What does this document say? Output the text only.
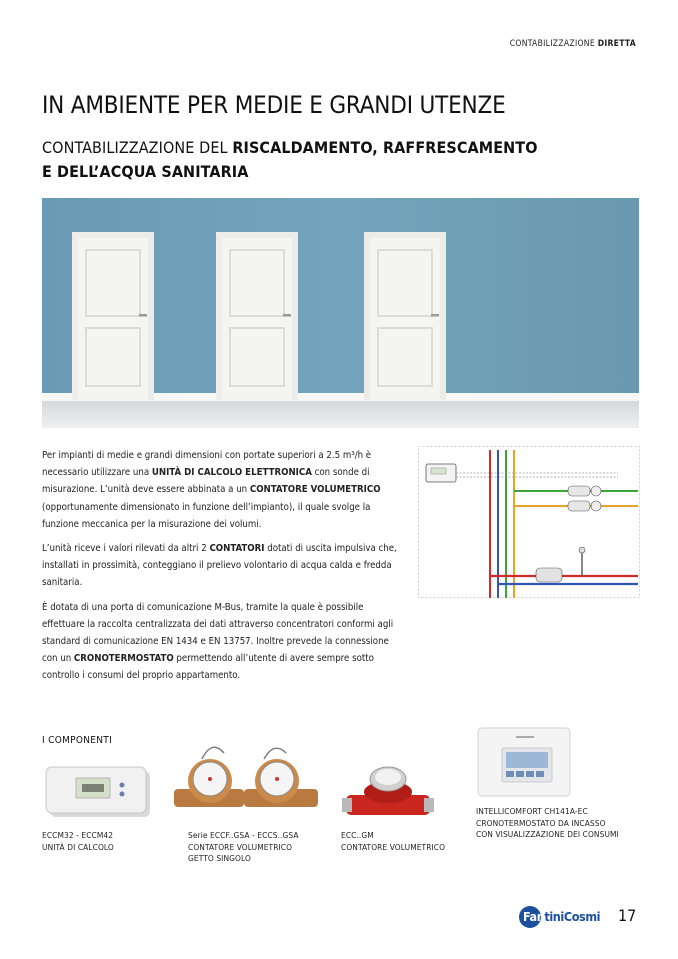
CONTABILIZZAZIONE DIRETTA
IN AMBIENTE PER MEDIE E GRANDI UTENZE
CONTABILIZZAZIONE DEL RISCALDAMENTO, RAFFRESCAMENTO
E DELL’ACQUA SANITARIA

Per impianti di medie e grandi dimensioni con portate superiori a 2.5 m³/h è necessario utilizzare una UNITÀ DI CALCOLO ELETTRONICA con sonde di misurazione. L’unità deve essere abbinata a un CONTATORE VOLUMETRICO (opportunamente dimensionato in funzione dell’impianto), il quale svolge la funzione meccanica per la misurazione dei volumi.

L’unità riceve i valori rilevati da altri 2 CONTATORI dotati di uscita impulsiva che, installati in prossimità, conteggiano il prelievo volontario di acqua calda e fredda sanitaria.

È dotata di una porta di comunicazione M-Bus, tramite la quale è possibile effettuare la raccolta centralizzata dei dati attraverso concentratori conformi agli standard di comunicazione EN 1434 e EN 13757. Inoltre prevede la connessione con un CRONOTERMOSTATO permettendo all’utente di avere sempre sotto controllo i consumi del proprio appartamento.

I COMPONENTI
ECCM32 - ECCM42
UNITÀ DI CALCOLO
Serie ECCF..GSA - ECCS..GSA
CONTATORE VOLUMETRICO
GETTO SINGOLO
ECC..GM
CONTATORE VOLUMETRICO
INTELLICOMFORT CH141A-EC
CRONOTERMOSTATO DA INCASSO
CON VISUALIZZAZIONE DEI CONSUMI
FantiniCosmi 17
